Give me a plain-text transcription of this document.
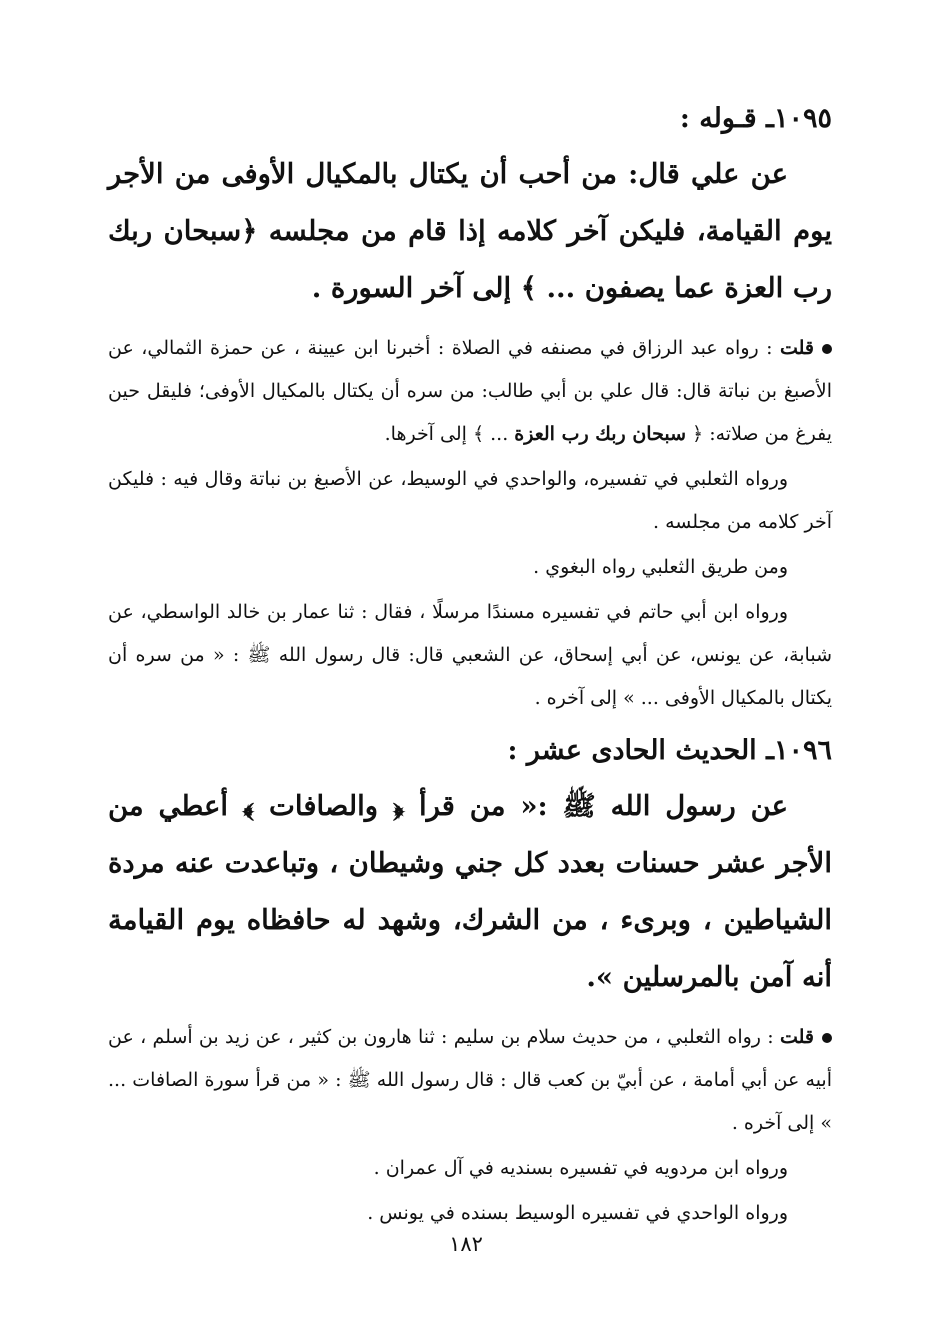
١٠٩٥ـ قـوله :

عن علي قال: من أحب أن يكتال بالمكيال الأوفى من الأجر يوم القيامة، فليكن آخر كلامه إذا قام من مجلسه ﴿سبحان ربك رب العزة عما يصفون ... ﴾ إلى آخر السورة .

قلت : رواه عبد الرزاق في مصنفه في الصلاة : أخبرنا ابن عيينة ، عن حمزة الثمالي، عن الأصبغ بن نباتة قال: قال علي بن أبي طالب: من سره أن يكتال بالمكيال الأوفى؛ فليقل حين يفرغ من صلاته: ﴿ سبحان ربك رب العزة ... ﴾ إلى آخرها.

ورواه الثعلبي في تفسيره، والواحدي في الوسيط، عن الأصبغ بن نباتة وقال فيه : فليكن آخر كلامه من مجلسه .

ومن طريق الثعلبي رواه البغوي .

ورواه ابن أبي حاتم في تفسيره مسندًا مرسلًا ، فقال : ثنا عمار بن خالد الواسطي، عن شبابة، عن يونس، عن أبي إسحاق، عن الشعبي قال: قال رسول الله ﷺ : « من سره أن يكتال بالمكيال الأوفى ... » إلى آخره .

١٠٩٦ـ الحديث الحادى عشر :

عن رسول الله ﷺ :« من قرأ ﴿ والصافات ﴾ أعطي من الأجر عشر حسنات بعدد كل جني وشيطان ، وتباعدت عنه مردة الشياطين ، وبرىء ، من الشرك، وشهد له حافظاه يوم القيامة أنه آمن بالمرسلين ».

قلت : رواه الثعلبي ، من حديث سلام بن سليم : ثنا هارون بن كثير ، عن زيد بن أسلم ، عن أبيه عن أبي أمامة ، عن أبيّ بن كعب قال : قال رسول الله ﷺ : « من قرأ سورة الصافات ... » إلى آخره .

ورواه ابن مردويه في تفسيره بسنديه في آل عمران .

ورواه الواحدي في تفسيره الوسيط بسنده في يونس .

١٨٢
